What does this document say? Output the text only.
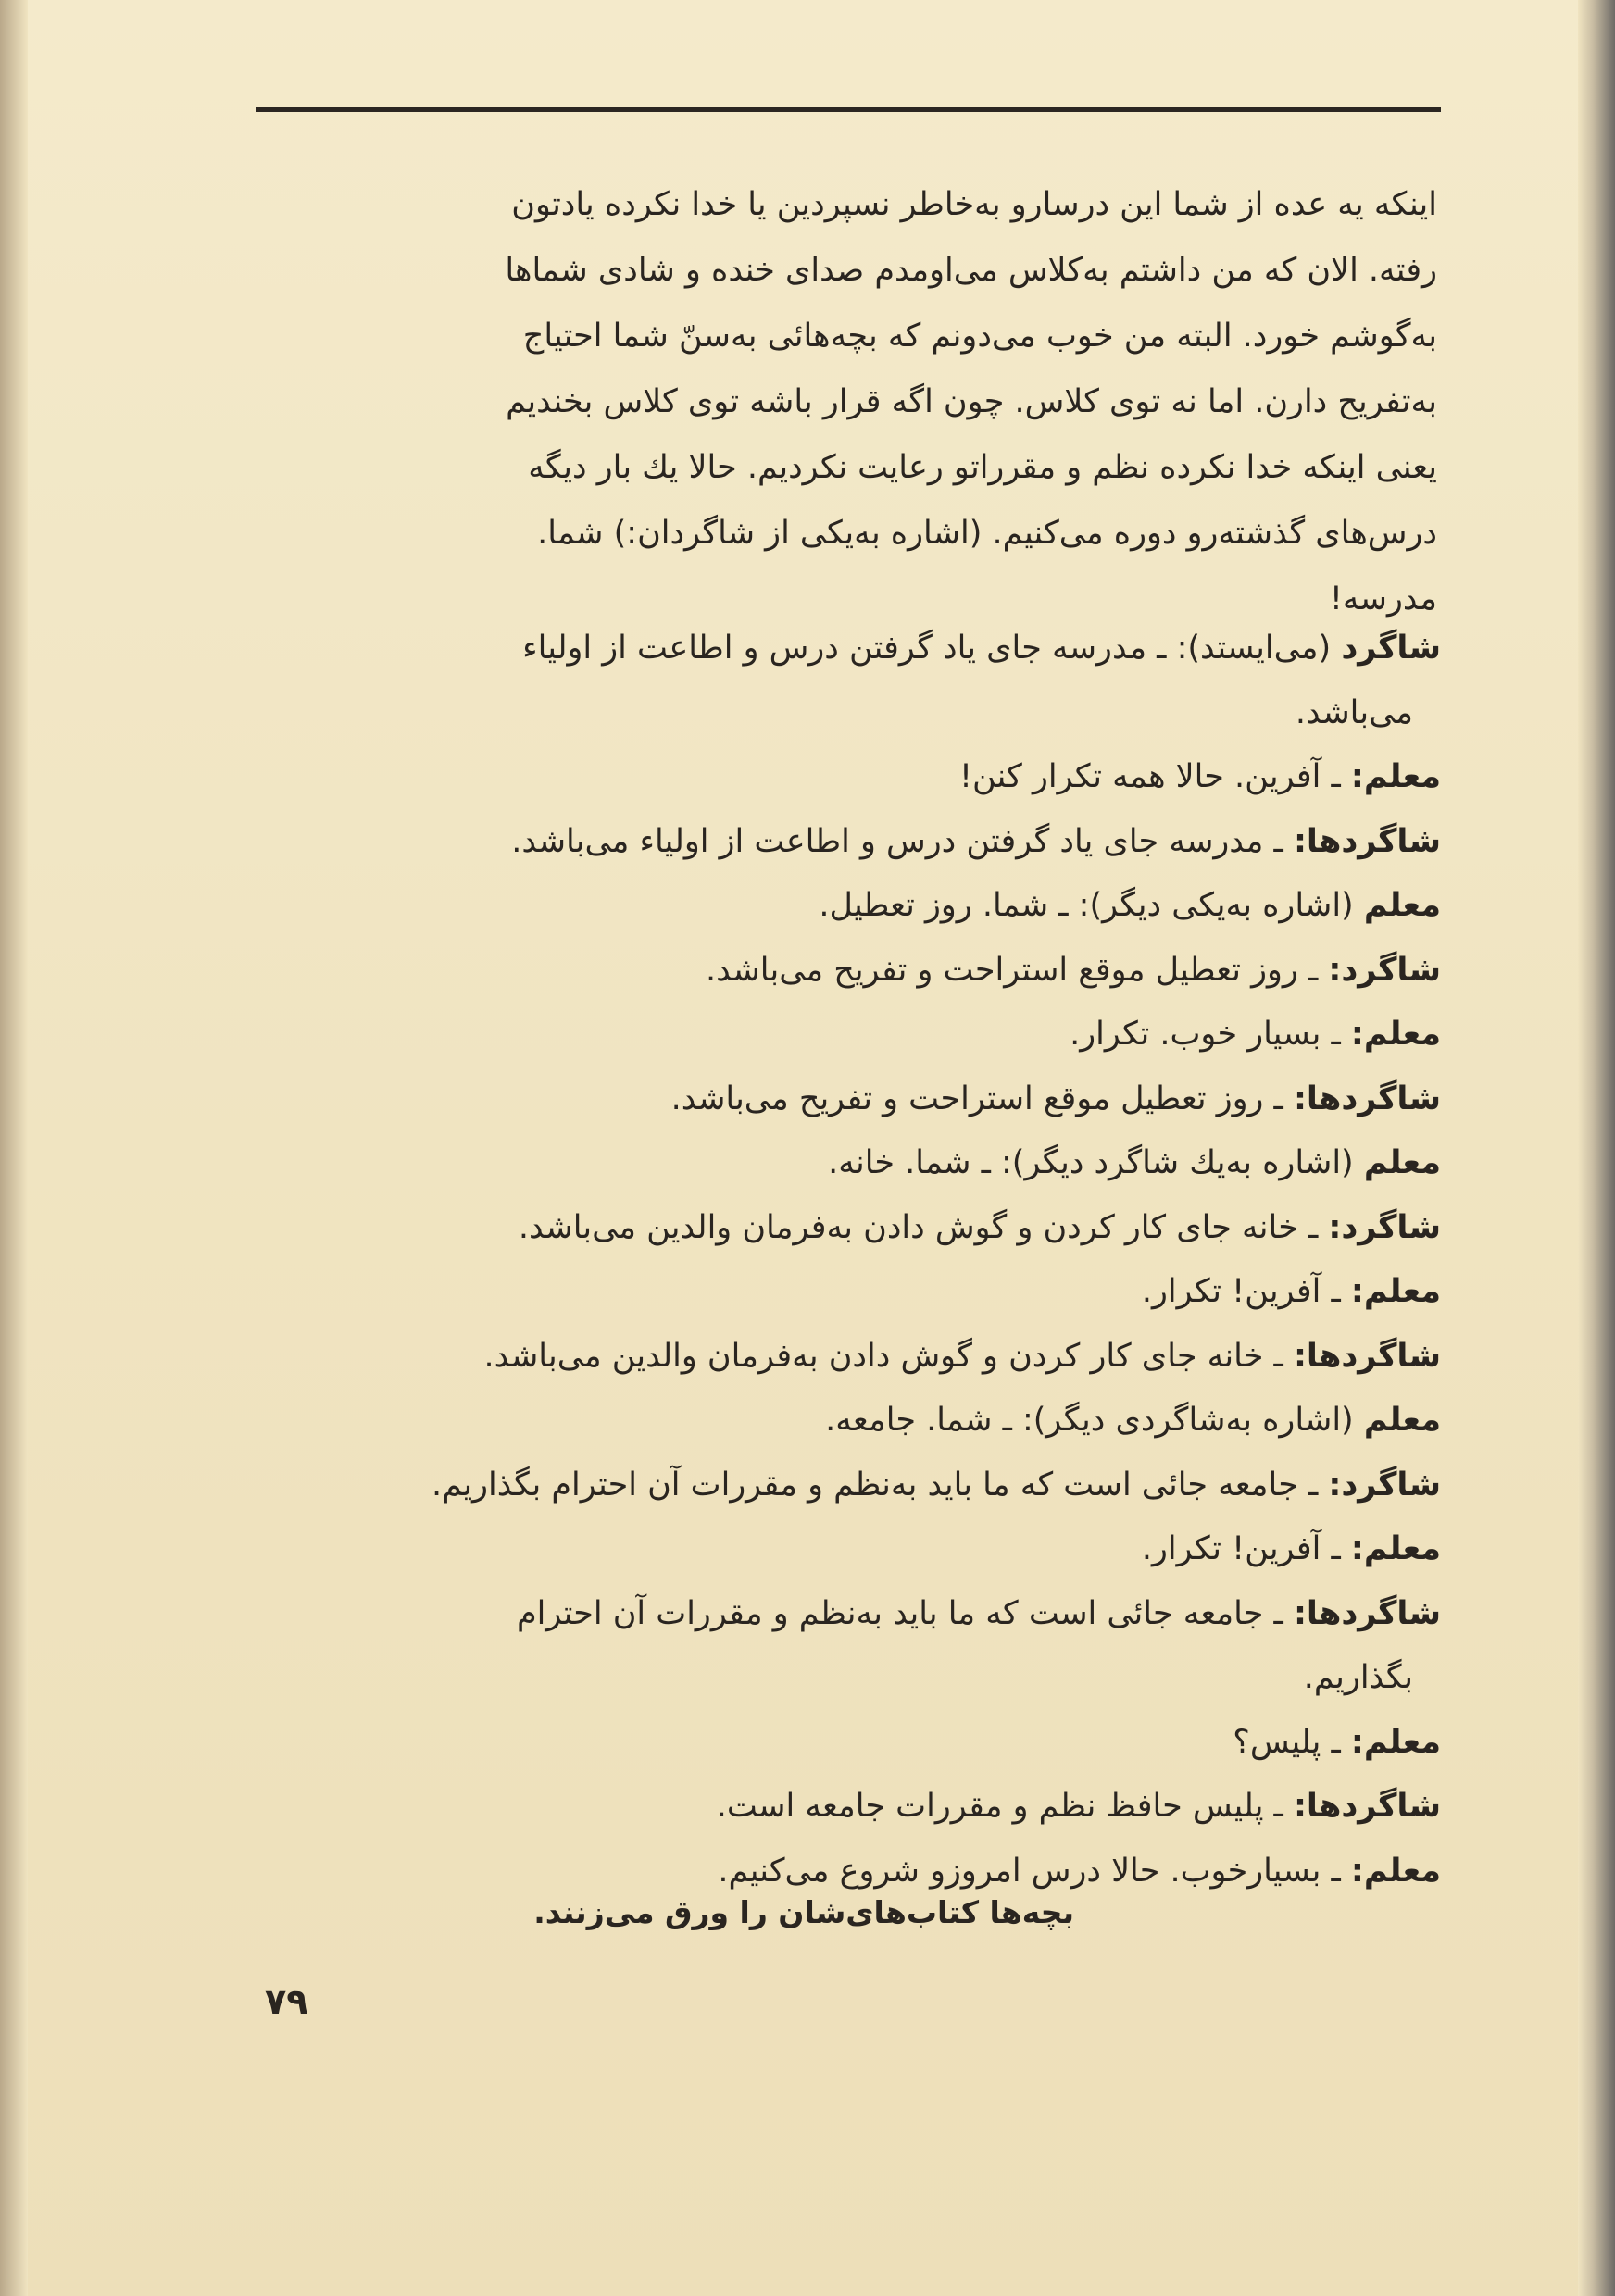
اینکه یه عده از شما این درسارو به‌خاطر نسپردین یا خدا نکرده یادتون
رفته. الان که من داشتم به‌کلاس می‌اومدم صدای خنده و شادی شماها
به‌گوشم خورد. البته من خوب می‌دونم که بچه‌هائی به‌سنّ شما احتیاج
به‌تفریح دارن. اما نه توی کلاس. چون اگه قرار باشه توی کلاس بخندیم
یعنی اینکه خدا نکرده نظم و مقرراتو رعایت نکردیم. حالا یك بار دیگه
درس‌های گذشته‌رو دوره می‌کنیم. (اشاره به‌یکی از شاگردان:) شما.
مدرسه!
شاگرد (می‌ایستد): ـ مدرسه جای یاد گرفتن درس و اطاعت از اولیاء
می‌باشد.
معلم: ـ آفرین. حالا همه تکرار کنن!
شاگردها: ـ مدرسه جای یاد گرفتن درس و اطاعت از اولیاء می‌باشد.
معلم (اشاره به‌یکی دیگر): ـ شما. روز تعطیل.
شاگرد: ـ روز تعطیل موقع استراحت و تفریح می‌باشد.
معلم: ـ بسیار خوب. تکرار.
شاگردها: ـ روز تعطیل موقع استراحت و تفریح می‌باشد.
معلم (اشاره به‌یك شاگرد دیگر): ـ شما. خانه.
شاگرد: ـ خانه جای کار کردن و گوش دادن به‌فرمان والدین می‌باشد.
معلم: ـ آفرین! تکرار.
شاگردها: ـ خانه جای کار کردن و گوش دادن به‌فرمان والدین می‌باشد.
معلم (اشاره به‌شاگردی دیگر): ـ شما. جامعه.
شاگرد: ـ جامعه جائی است که ما باید به‌نظم و مقررات آن احترام بگذاریم.
معلم: ـ آفرین! تکرار.
شاگردها: ـ جامعه جائی است که ما باید به‌نظم و مقررات آن احترام
بگذاریم.
معلم: ـ پلیس؟
شاگردها: ـ پلیس حافظ نظم و مقررات جامعه است.
معلم: ـ بسیارخوب. حالا درس امروزو شروع می‌کنیم.
بچه‌ها کتاب‌های‌شان را ورق می‌زنند.
۷۹
